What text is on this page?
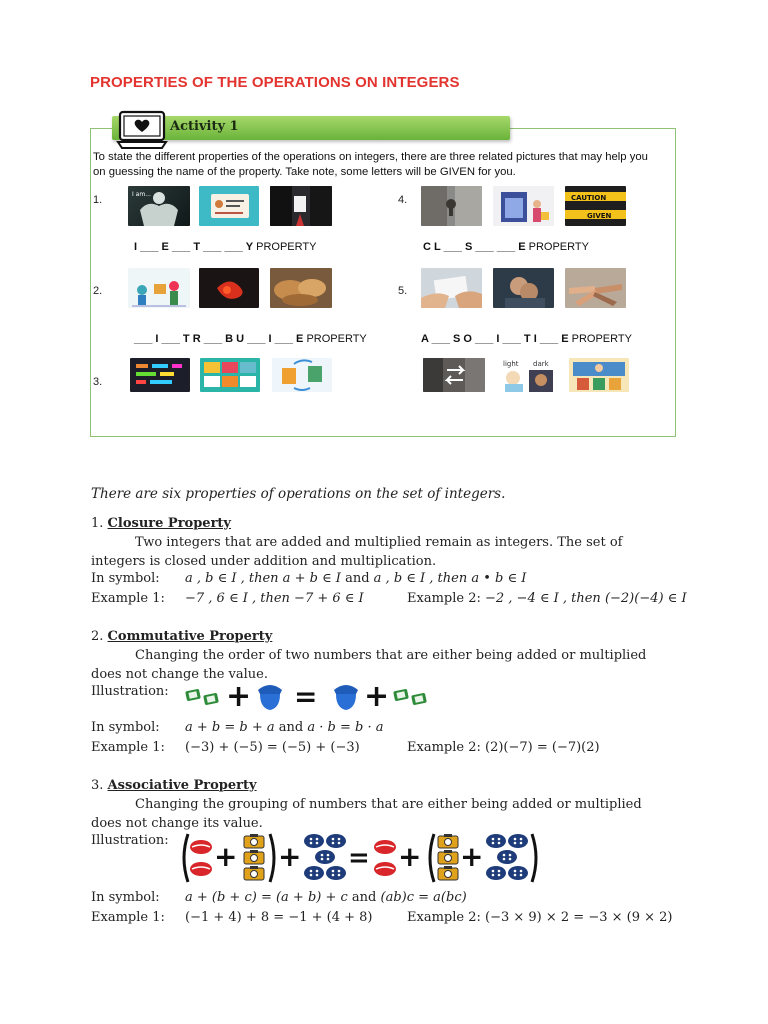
PROPERTIES OF THE OPERATIONS ON INTEGERS
Activity 1
To state the different properties of the operations on integers, there are three related pictures that may help you on guessing the name of the property. Take note, some letters will be GIVEN for you.
1.	I am...
I ___ E ___ T ___ ___ Y PROPERTY
2.
___ I ___ T R ___ B U ___ I ___ E PROPERTY
3.
4.	CAUTION
GIVEN
C L ___ S ___ ___ E PROPERTY
5.
A ___ S O ___ I ___ T I ___ E PROPERTY
light dark
There are six properties of operations on the set of integers.
1. Closure Property
Two integers that are added and multiplied remain as integers. The set of integers is closed under addition and multiplication.
In symbol: a , b ∈ I , then a + b ∈ I and a , b ∈ I , then a • b ∈ I
Example 1: −7 , 6 ∈ I , then −7 + 6 ∈ I	Example 2: −2 , −4 ∈ I , then (−2)(−4) ∈ I
2. Commutative Property
Changing the order of two numbers that are either being added or multiplied does not change the value.
Illustration: + = +
In symbol: a + b = b + a and a · b = b · a
Example 1: (−3) + (−5) = (−5) + (−3)	Example 2: (2)(−7) = (−7)(2)
3. Associative Property
Changing the grouping of numbers that are either being added or multiplied does not change its value.
Illustration: + + = + +
In symbol: a + (b + c) = (a + b) + c and (ab)c = a(bc)
Example 1: (−1 + 4) + 8 = −1 + (4 + 8)	Example 2: (−3 × 9) × 2 = −3 × (9 × 2)
